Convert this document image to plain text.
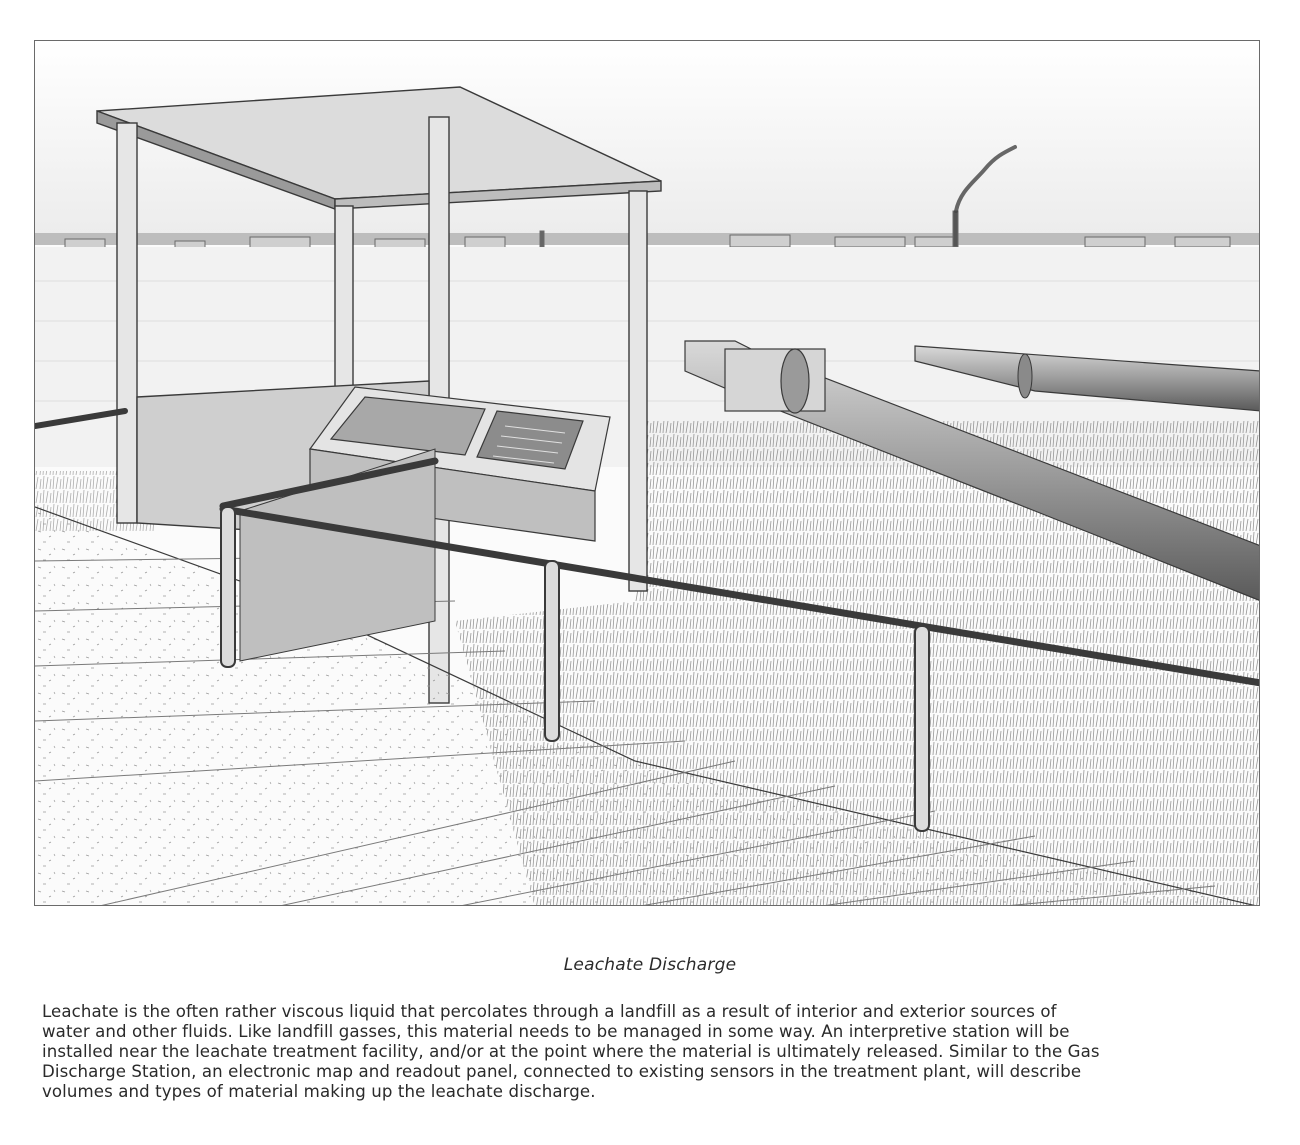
Leachate Discharge
Leachate is the often rather viscous liquid that percolates through a landfill as a result of interior and exterior sources of
water and other fluids. Like landfill gasses, this material needs to be managed in some way. An interpretive station will be
installed near the leachate treatment facility, and/or at the point where the material is ultimately released. Similar to the Gas
Discharge Station, an electronic map and readout panel, connected to existing sensors in the treatment plant, will describe
volumes and types of material making up the leachate discharge.
